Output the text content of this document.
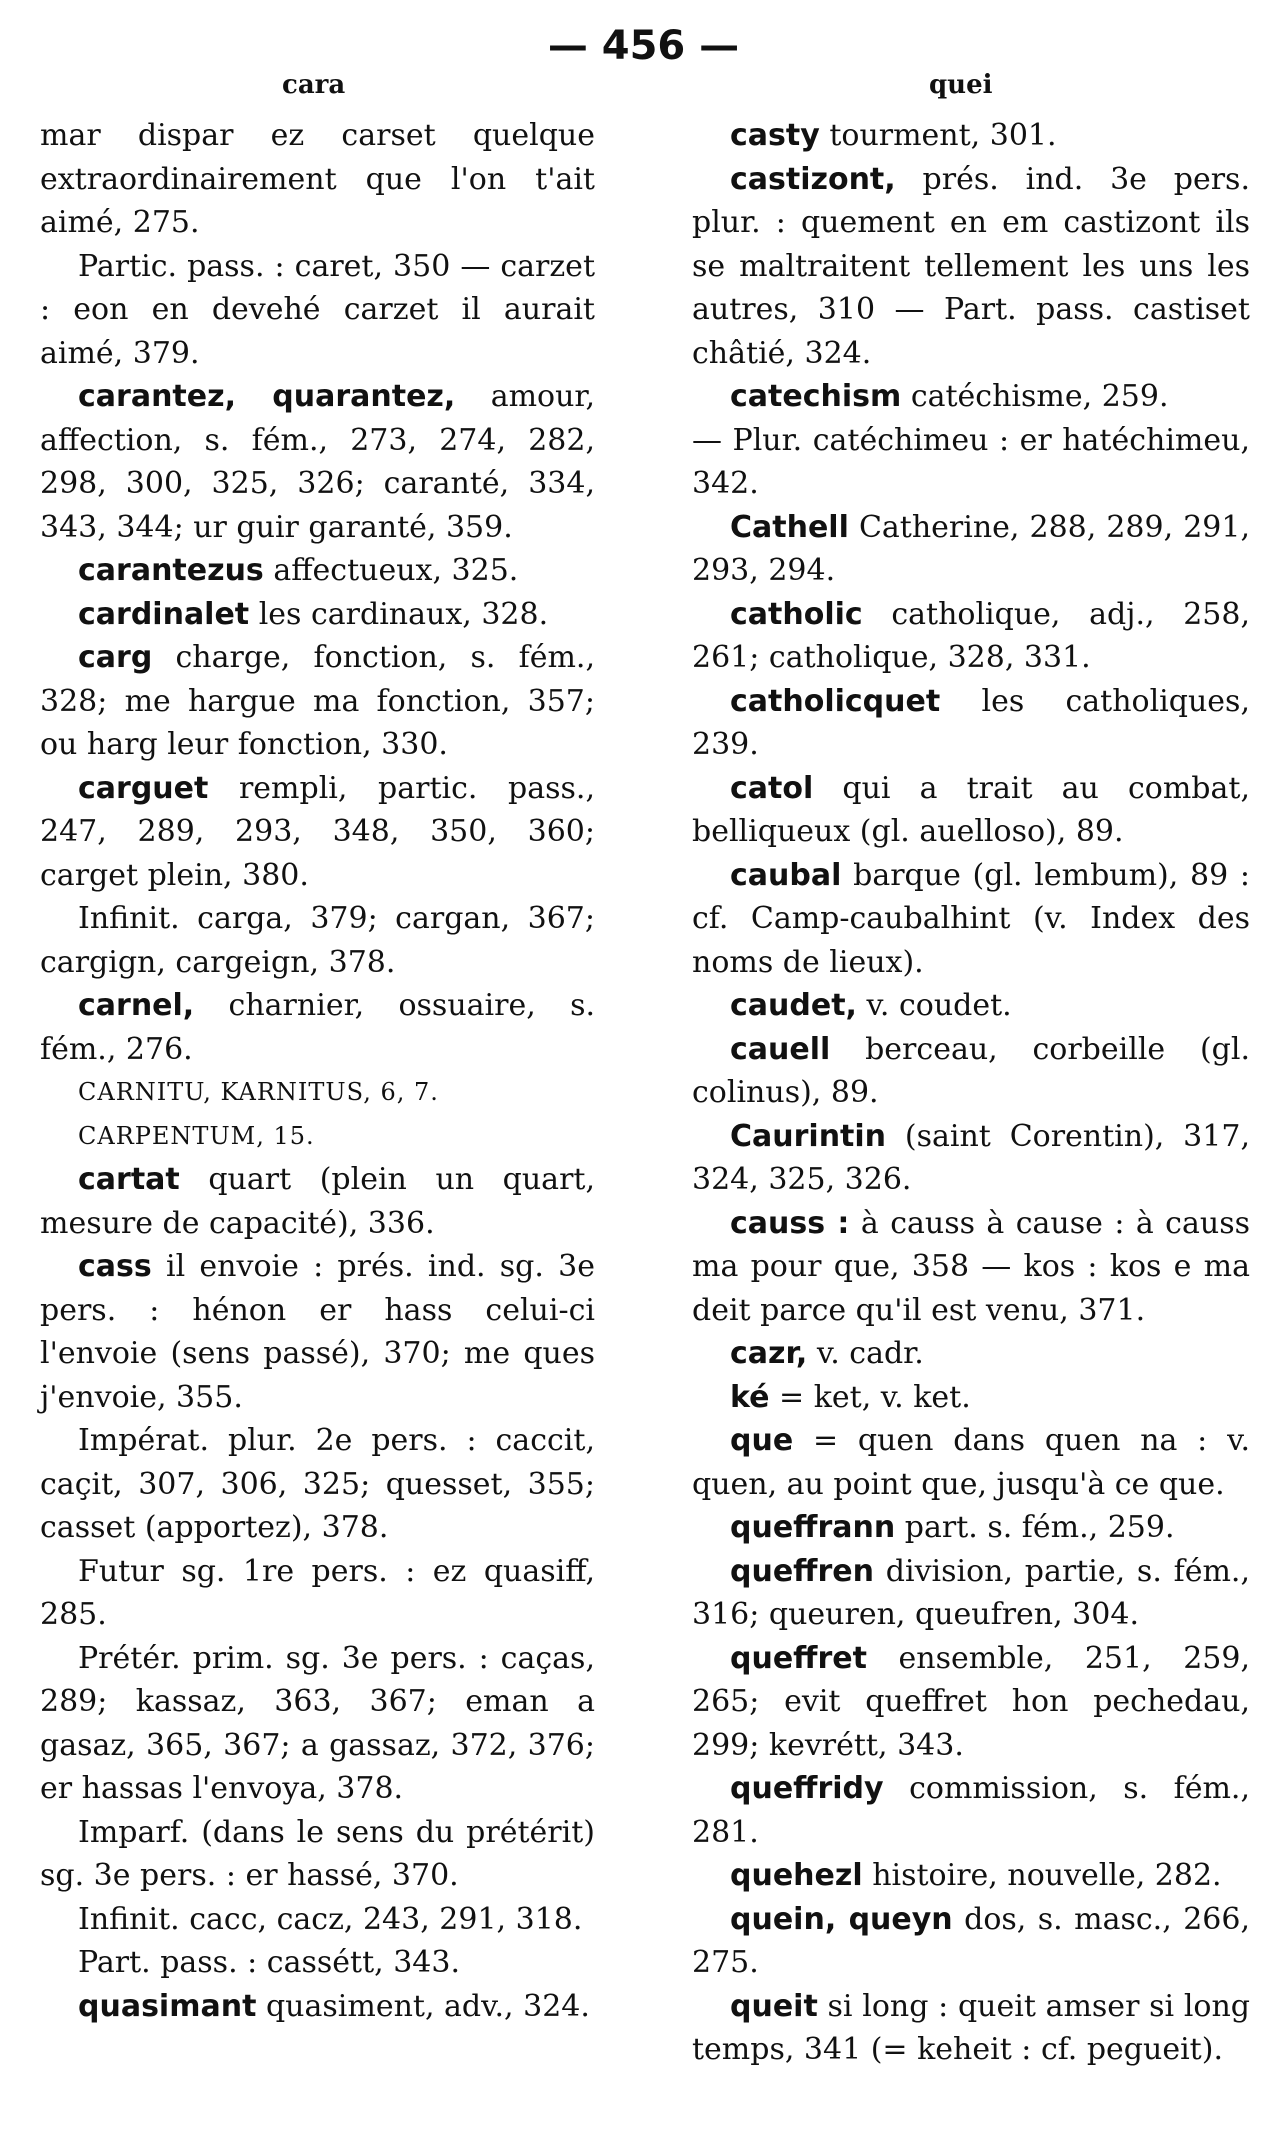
— 456 —
cara	quei

mar dispar ez carset quelque extraordinairement que l'on t'ait aimé, 275.

Partic. pass. : caret, 350 — carzet : eon en devehé carzet il aurait aimé, 379.

carantez, quarantez, amour, affection, s. fém., 273, 274, 282, 298, 300, 325, 326; caranté, 334, 343, 344; ur guir garanté, 359.

carantezus affectueux, 325.

cardinalet les cardinaux, 328.

carg charge, fonction, s. fém., 328; me hargue ma fonction, 357; ou harg leur fonction, 330.

carguet rempli, partic. pass., 247, 289, 293, 348, 350, 360; carget plein, 380.

Infinit. carga, 379; cargan, 367; cargign, cargeign, 378.

carnel, charnier, ossuaire, s. fém., 276.

CARNITU, KARNITUS, 6, 7.

CARPENTUM, 15.

cartat quart (plein un quart, mesure de capacité), 336.

cass il envoie : prés. ind. sg. 3e pers. : hénon er hass celui-ci l'envoie (sens passé), 370; me ques j'envoie, 355.

Impérat. plur. 2e pers. : caccit, caçit, 307, 306, 325; quesset, 355; casset (apportez), 378.

Futur sg. 1re pers. : ez quasiff, 285.

Prétér. prim. sg. 3e pers. : caças, 289; kassaz, 363, 367; eman a gasaz, 365, 367; a gassaz, 372, 376; er hassas l'envoya, 378.

Imparf. (dans le sens du prétérit) sg. 3e pers. : er hassé, 370.

Infinit. cacc, cacz, 243, 291, 318.

Part. pass. : cassétt, 343.

quasimant quasiment, adv., 324.

casty tourment, 301.

castizont, prés. ind. 3e pers. plur. : quement en em castizont ils se maltraitent tellement les uns les autres, 310 — Part. pass. castiset châtié, 324.

catechism catéchisme, 259.

— Plur. catéchimeu : er hatéchimeu, 342.

Cathell Catherine, 288, 289, 291, 293, 294.

catholic catholique, adj., 258, 261; catholique, 328, 331.

catholicquet les catholiques, 239.

catol qui a trait au combat, belliqueux (gl. auelloso), 89.

caubal barque (gl. lembum), 89 : cf. Camp-caubalhint (v. Index des noms de lieux).

caudet, v. coudet.

cauell berceau, corbeille (gl. colinus), 89.

Caurintin (saint Corentin), 317, 324, 325, 326.

causs : à causs à cause : à causs ma pour que, 358 — kos : kos e ma deit parce qu'il est venu, 371.

cazr, v. cadr.

ké = ket, v. ket.

que = quen dans quen na : v. quen, au point que, jusqu'à ce que.

queffrann part. s. fém., 259.

queffren division, partie, s. fém., 316; queuren, queufren, 304.

queffret ensemble, 251, 259, 265; evit queffret hon pechedau, 299; kevrétt, 343.

queffridy commission, s. fém., 281.

quehezl histoire, nouvelle, 282.

quein, queyn dos, s. masc., 266, 275.

queit si long : queit amser si long temps, 341 (= keheit : cf. pegueit).
